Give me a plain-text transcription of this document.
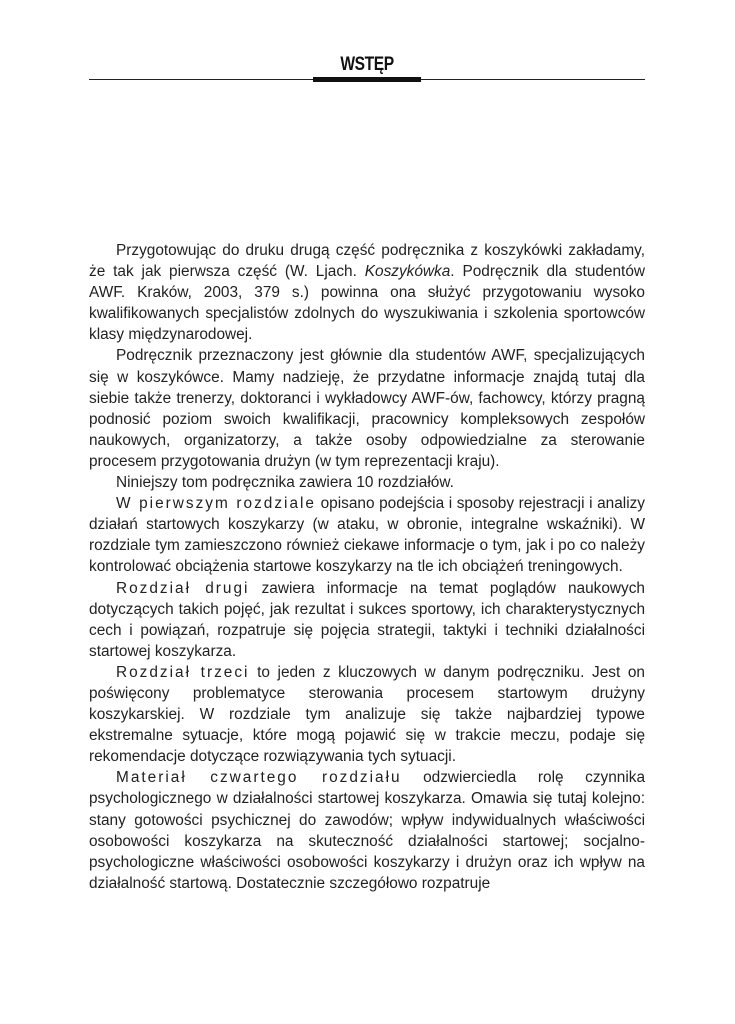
WSTĘP

Przygotowując do druku drugą część podręcznika z koszykówki zakładamy, że tak jak pierwsza część (W. Ljach. Koszykówka. Podręcznik dla studentów AWF. Kraków, 2003, 379 s.) powinna ona służyć przygotowaniu wysoko kwalifikowanych specjalistów zdolnych do wyszukiwania i szkolenia sportowców klasy międzynarodowej.

Podręcznik przeznaczony jest głównie dla studentów AWF, specjalizujących się w koszykówce. Mamy nadzieję, że przydatne informacje znajdą tutaj dla siebie także trenerzy, doktoranci i wykładowcy AWF-ów, fachowcy, którzy pragną podnosić poziom swoich kwalifikacji, pracownicy kompleksowych zespołów naukowych, organizatorzy, a także osoby odpowiedzialne za sterowanie procesem przygotowania drużyn (w tym reprezentacji kraju).

Niniejszy tom podręcznika zawiera 10 rozdziałów.

W pierwszym rozdziale opisano podejścia i sposoby rejestracji i analizy działań startowych koszykarzy (w ataku, w obronie, integralne wskaźniki). W rozdziale tym zamieszczono również ciekawe informacje o tym, jak i po co należy kontrolować obciążenia startowe koszykarzy na tle ich obciążeń treningowych.

Rozdział drugi zawiera informacje na temat poglądów naukowych dotyczących takich pojęć, jak rezultat i sukces sportowy, ich charakterystycznych cech i powiązań, rozpatruje się pojęcia strategii, taktyki i techniki działalności startowej koszykarza.

Rozdział trzeci to jeden z kluczowych w danym podręczniku. Jest on poświęcony problematyce sterowania procesem startowym drużyny koszykarskiej. W rozdziale tym analizuje się także najbardziej typowe ekstremalne sytuacje, które mogą pojawić się w trakcie meczu, podaje się rekomendacje dotyczące rozwiązywania tych sytuacji.

Materiał czwartego rozdziału odzwierciedla rolę czynnika psychologicznego w działalności startowej koszykarza. Omawia się tutaj kolejno: stany gotowości psychicznej do zawodów; wpływ indywidualnych właściwości osobowości koszykarza na skuteczność działalności startowej; socjalno-psychologiczne właściwości osobowości koszykarzy i drużyn oraz ich wpływ na działalność startową. Dostatecznie szczegółowo rozpatruje
